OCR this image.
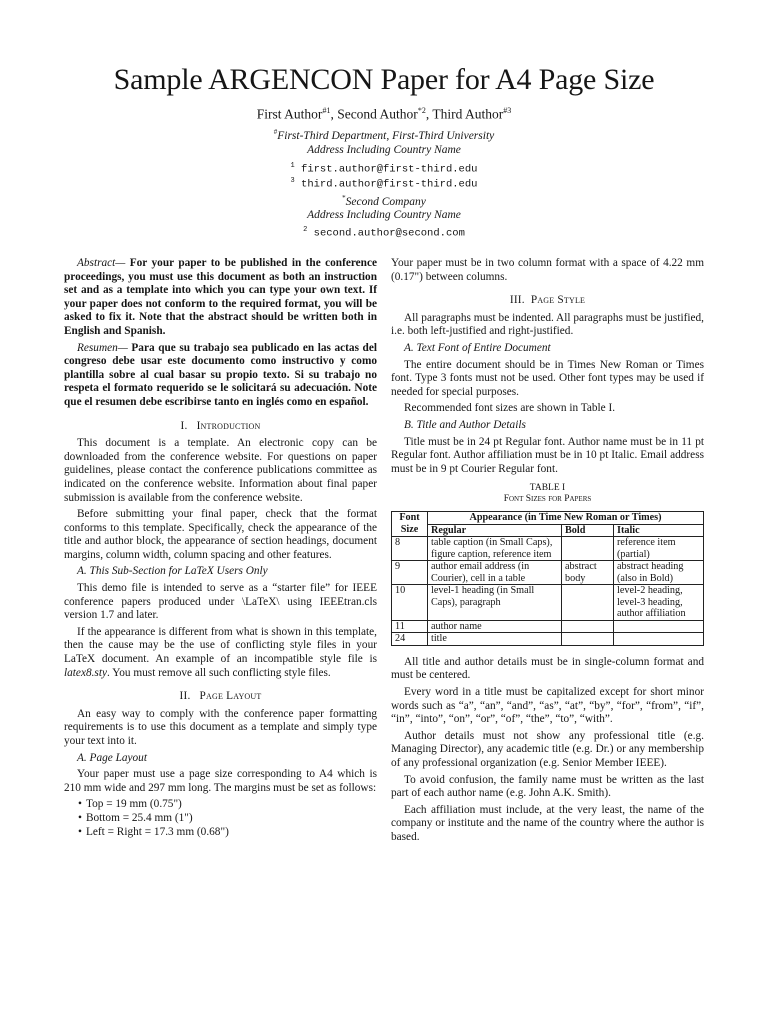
Sample ARGENCON Paper for A4 Page Size
First Author$^{\#1}$, Second Author$^{*2}$, Third Author$^{\#3}$
#First-Third Department, First-Third University
Address Including Country Name
$^1$ first.author@first-third.edu
$^3$ third.author@first-third.edu
*Second Company
Address Including Country Name
$^2$ second.author@second.com

Abstract— For your paper to be published in the conference proceedings, you must use this document as both an instruction set and as a template into which you can type your own text. If your paper does not conform to the required format, you will be asked to fix it. Note that the abstract should be written both in English and Spanish.

Resumen— Para que su trabajo sea publicado en las actas del congreso debe usar este documento como instructivo y como plantilla sobre al cual basar su propio texto. Si su trabajo no respeta el formato requerido se le solicitará su adecuación. Note que el resumen debe escribirse tanto en inglés como en español.

I. Introduction

This document is a template. An electronic copy can be downloaded from the conference website. For questions on paper guidelines, please contact the conference publications committee as indicated on the conference website. Information about final paper submission is available from the conference website.

Before submitting your final paper, check that the format conforms to this template. Specifically, check the appearance of the title and author block, the appearance of section headings, document margins, column width, column spacing and other features.

A. This Sub-Section for LaTeX Users Only

This demo file is intended to serve as a “starter file” for IEEE conference papers produced under \LaTeX\ using IEEEtran.cls version 1.7 and later.

If the appearance is different from what is shown in this template, then the cause may be the use of conflicting style files in your LaTeX document. An example of an incompatible style file is latex8.sty. You must remove all such conflicting style files.

II. Page Layout

An easy way to comply with the conference paper formatting requirements is to use this document as a template and simply type your text into it.

A. Page Layout

Your paper must use a page size corresponding to A4 which is 210 mm wide and 297 mm long. The margins must be set as follows:

• Top = 19 mm (0.75")
• Bottom = 25.4 mm (1")
• Left = Right = 17.3 mm (0.68")

Your paper must be in two column format with a space of 4.22 mm (0.17") between columns.

III. Page Style

All paragraphs must be indented. All paragraphs must be justified, i.e. both left-justified and right-justified.

A. Text Font of Entire Document

The entire document should be in Times New Roman or Times font. Type 3 fonts must not be used. Other font types may be used if needed for special purposes.

Recommended font sizes are shown in Table I.

B. Title and Author Details

Title must be in 24 pt Regular font. Author name must be in 11 pt Regular font. Author affiliation must be in 10 pt Italic. Email address must be in 9 pt Courier Regular font.

TABLE I
Font Sizes for Papers
Font	Appearance (in Time New Roman or Times)		
Size	Regular	Bold	Italic
8	table caption (in Small Caps), figure caption, reference item		reference item (partial)
9	author email address (in Courier), cell in a table	abstract body	abstract heading (also in Bold)
10	level-1 heading (in Small Caps), paragraph		level-2 heading, level-3 heading, author affiliation
11	author name		
24	title		

All title and author details must be in single-column format and must be centered.

Every word in a title must be capitalized except for short minor words such as “a”, “an”, “and”, “as”, “at”, “by”, “for”, “from”, “if”, “in”, “into”, “on”, “or”, “of”, “the”, “to”, “with”.

Author details must not show any professional title (e.g. Managing Director), any academic title (e.g. Dr.) or any membership of any professional organization (e.g. Senior Member IEEE).

To avoid confusion, the family name must be written as the last part of each author name (e.g. John A.K. Smith).

Each affiliation must include, at the very least, the name of the company or institute and the name of the country where the author is based.
